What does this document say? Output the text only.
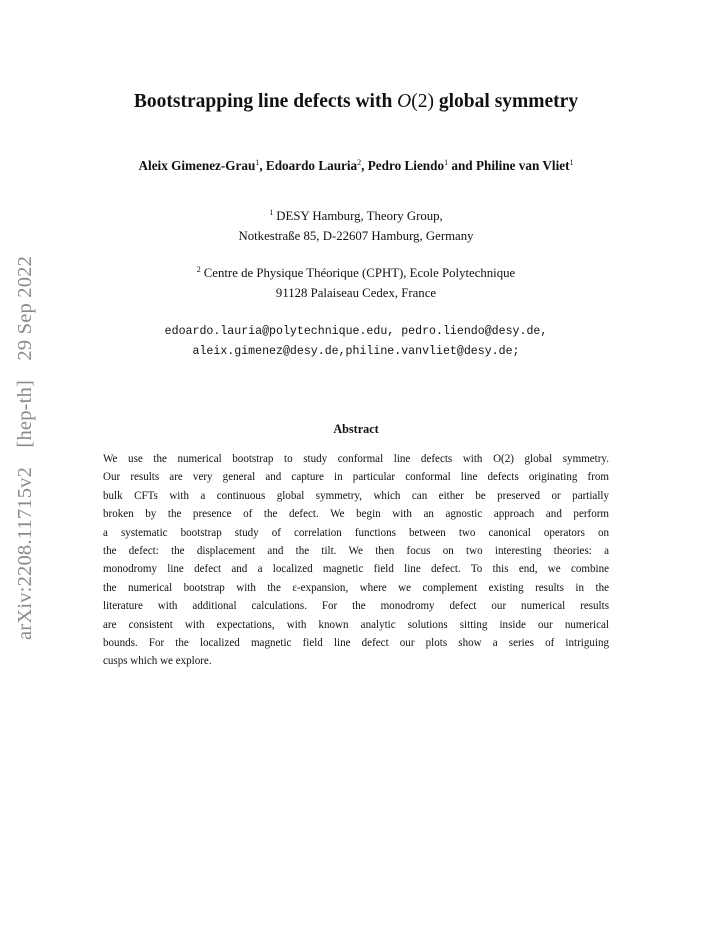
arXiv:2208.11715v2 [hep-th] 29 Sep 2022
Bootstrapping line defects with O(2) global symmetry
Aleix Gimenez-Grau$^1$, Edoardo Lauria$^2$, Pedro Liendo$^1$ and Philine van Vliet$^1$
$^1$ DESY Hamburg, Theory Group,
Notkestraße 85, D-22607 Hamburg, Germany
$^2$ Centre de Physique Théorique (CPHT), Ecole Polytechnique
91128 Palaiseau Cedex, France
edoardo.lauria@polytechnique.edu, pedro.liendo@desy.de,
aleix.gimenez@desy.de,philine.vanvliet@desy.de;
Abstract
We use the numerical bootstrap to study conformal line defects with O(2) global symmetry.
Our results are very general and capture in particular conformal line defects originating from
bulk CFTs with a continuous global symmetry, which can either be preserved or partially
broken by the presence of the defect. We begin with an agnostic approach and perform
a systematic bootstrap study of correlation functions between two canonical operators on
the defect: the displacement and the tilt. We then focus on two interesting theories: a
monodromy line defect and a localized magnetic field line defect. To this end, we combine
the numerical bootstrap with the ε-expansion, where we complement existing results in the
literature with additional calculations. For the monodromy defect our numerical results
are consistent with expectations, with known analytic solutions sitting inside our numerical
bounds. For the localized magnetic field line defect our plots show a series of intriguing
cusps which we explore.
